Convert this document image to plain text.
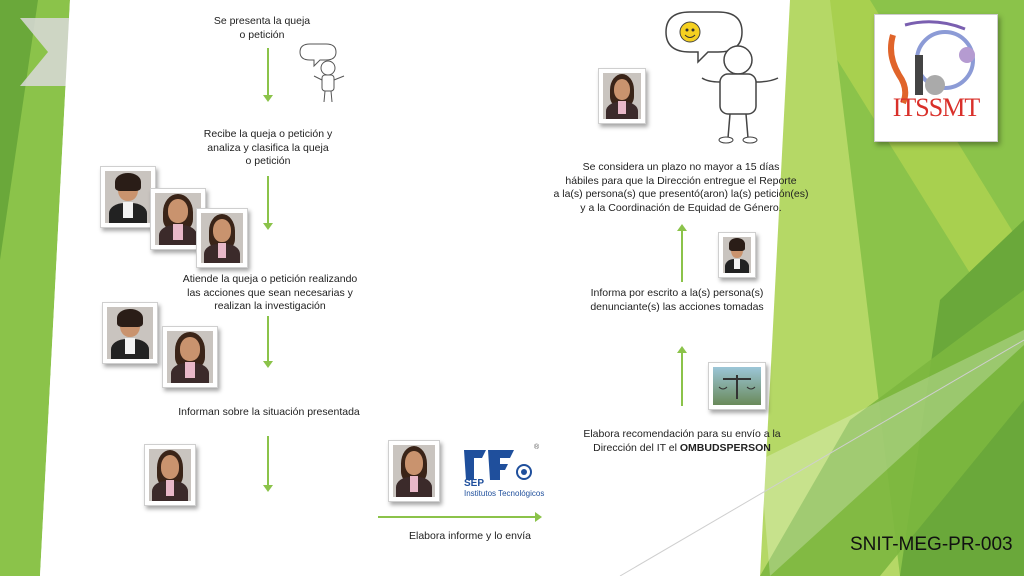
Se presenta la queja
o petición
Recibe la queja o petición y
analiza y clasifica la queja
o petición
Atiende la queja o petición realizando
las acciones que sean necesarias y
realizan la investigación
Informan sobre la situación presentada
SEP
Institutos Tecnológicos
®
Elabora informe y lo envía
Elabora recomendación para su envío a la
Dirección del IT el OMBUDSPERSON
Informa por escrito a la(s) persona(s)
denunciante(s) las acciones tomadas
Se considera un plazo no mayor a 15 días
hábiles para que la Dirección entregue el Reporte
a la(s) persona(s) que presentó(aron) la(s) petición(es)
y a la Coordinación de Equidad de Género.
ITSSMT
SNIT-MEG-PR-003
